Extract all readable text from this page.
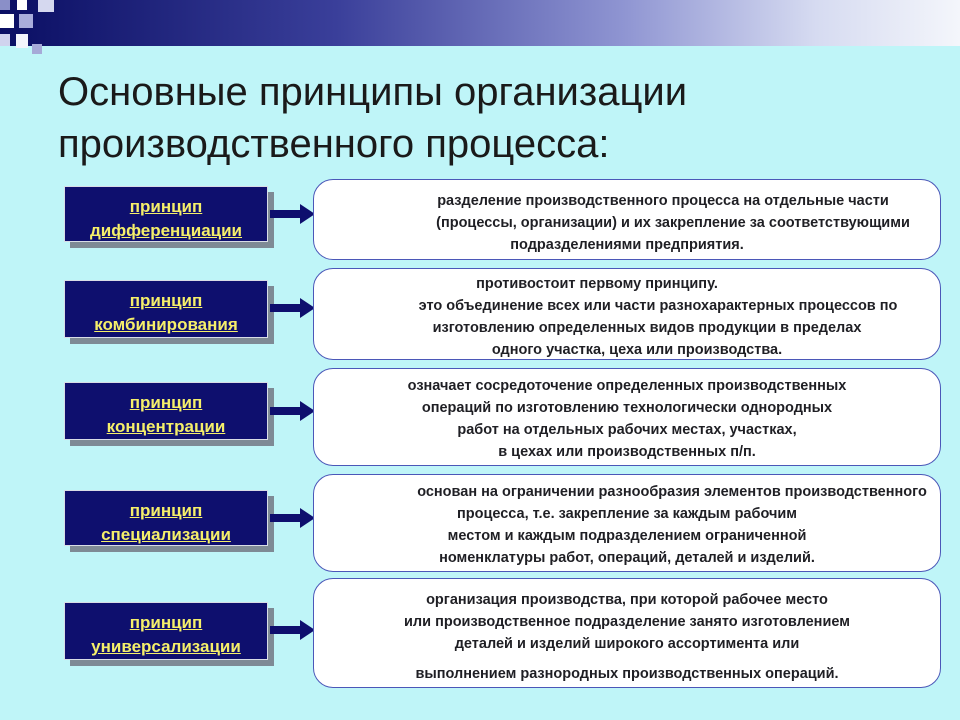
Основные принципы организации
производственного процесса:
принцип
дифференциации
разделение производственного процесса на отдельные части
(процессы, организации) и их закрепление за соответствующими
подразделениями предприятия.
принцип
комбинирования
противостоит первому принципу.
это объединение всех или части разнохарактерных процессов по
изготовлению определенных видов продукции в пределах
одного участка, цеха или производства.
принцип
концентрации
означает сосредоточение определенных производственных
операций по изготовлению технологически однородных
работ на отдельных рабочих местах, участках,
в цехах или производственных п/п.
принцип
специализации
основан на ограничении разнообразия элементов производственного
процесса, т.е. закрепление за каждым рабочим
местом и каждым подразделением ограниченной
номенклатуры работ, операций, деталей и изделий.
принцип
универсализации
организация производства, при которой рабочее место
или производственное подразделение занято изготовлением
деталей и изделий широкого ассортимента или
выполнением разнородных производственных операций.
